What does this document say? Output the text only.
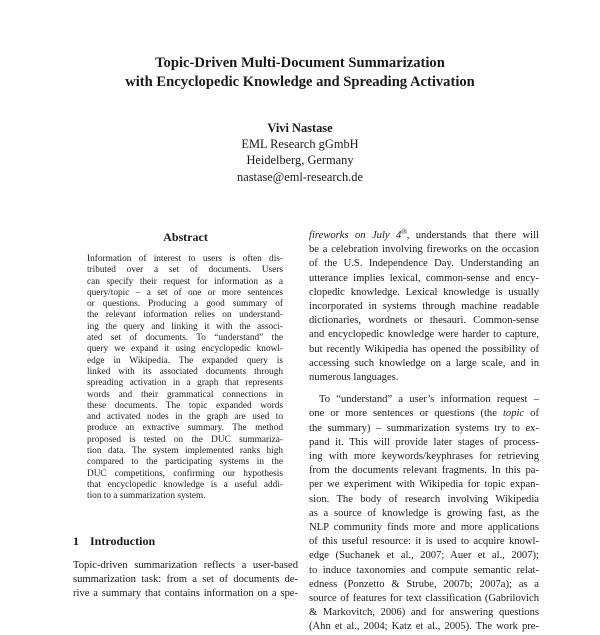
Topic-Driven Multi-Document Summarization
with Encyclopedic Knowledge and Spreading Activation
Vivi Nastase
EML Research gGmbH
Heidelberg, Germany
nastase@eml-research.de
Abstract
Information of interest to users is often dis-
tributed over a set of documents. Users
can specify their request for information as a
query/topic – a set of one or more sentences
or questions. Producing a good summary of
the relevant information relies on understand-
ing the query and linking it with the associ-
ated set of documents. To “understand” the
query we expand it using encyclopedic knowl-
edge in Wikipedia. The expanded query is
linked with its associated documents through
spreading activation in a graph that represents
words and their grammatical connections in
these documents. The topic expanded words
and activated nodes in the graph are used to
produce an extractive summary. The method
proposed is tested on the DUC summariza-
tion data. The system implemented ranks high
compared to the participating systems in the
DUC competitions, confirming our hypothesis
that encyclopedic knowledge is a useful addi-
tion to a summarization system.
1 Introduction
Topic-driven summarization reflects a user-based
summarization task: from a set of documents de-
rive a summary that contains information on a spe-
fireworks on July 4th, understands that there will
be a celebration involving fireworks on the occasion
of the U.S. Independence Day. Understanding an
utterance implies lexical, common-sense and ency-
clopedic knowledge. Lexical knowledge is usually
incorporated in systems through machine readable
dictionaries, wordnets or thesauri. Common-sense
and encyclopedic knowledge were harder to capture,
but recently Wikipedia has opened the possibility of
accessing such knowledge on a large scale, and in
numerous languages.
To “understand” a user’s information request –
one or more sentences or questions (the topic of
the summary) – summarization systems try to ex-
pand it. This will provide later stages of process-
ing with more keywords/keyphrases for retrieving
from the documents relevant fragments. In this pa-
per we experiment with Wikipedia for topic expan-
sion. The body of research involving Wikipedia
as a source of knowledge is growing fast, as the
NLP community finds more and more applications
of this useful resource: it is used to acquire knowl-
edge (Suchanek et al., 2007; Auer et al., 2007);
to induce taxonomies and compute semantic relat-
edness (Ponzetto & Strube, 2007b; 2007a); as a
source of features for text classification (Gabrilovich
& Markovitch, 2006) and for answering questions
(Ahn et al., 2004; Katz et al., 2005). The work pre-
